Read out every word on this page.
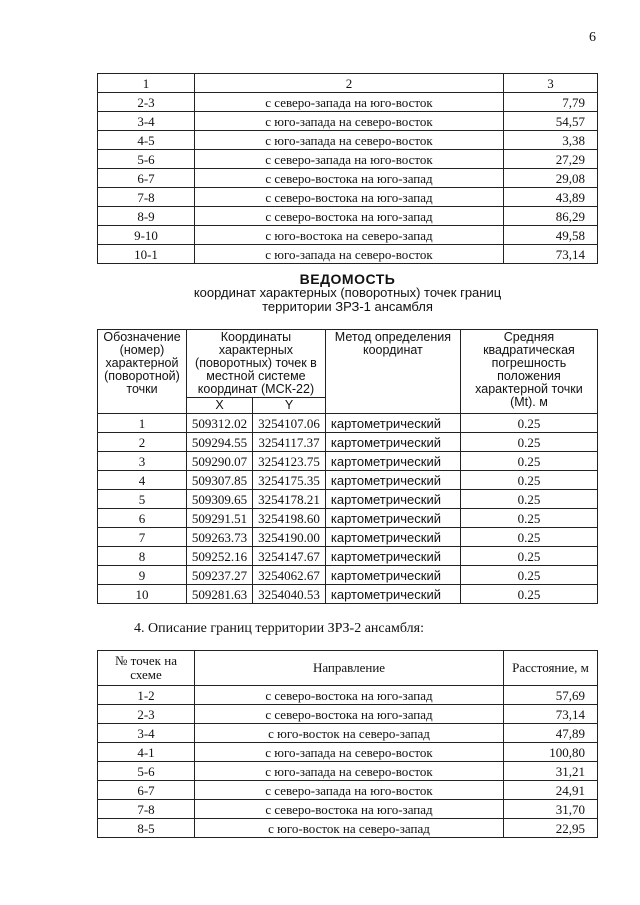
6
1	2	3
2-3	с северо-запада на юго-восток	7,79
3-4	с юго-запада на северо-восток	54,57
4-5	с юго-запада на северо-восток	3,38
5-6	с северо-запада на юго-восток	27,29
6-7	с северо-востока на юго-запад	29,08
7-8	с северо-востока на юго-запад	43,89
8-9	с северо-востока на юго-запад	86,29
9-10	с юго-востока на северо-запад	49,58
10-1	с юго-запада на северо-восток	73,14
ВЕДОМОСТЬ
координат характерных (поворотных) точек границ
территории ЗРЗ-1 ансамбля
Обозначение (номер) характерной (поворотной) точки	Координаты характерных (поворотных) точек в местной системе координат (МСК-22)		Метод определения координат	Средняя квадратическая погрешность положения характерной точки (Mt). м
	X	Y		
1	509312.02	3254107.06	картометрический	0.25
2	509294.55	3254117.37	картометрический	0.25
3	509290.07	3254123.75	картометрический	0.25
4	509307.85	3254175.35	картометрический	0.25
5	509309.65	3254178.21	картометрический	0.25
6	509291.51	3254198.60	картометрический	0.25
7	509263.73	3254190.00	картометрический	0.25
8	509252.16	3254147.67	картометрический	0.25
9	509237.27	3254062.67	картометрический	0.25
10	509281.63	3254040.53	картометрический	0.25
4. Описание границ территории ЗРЗ-2 ансамбля:
№ точек на схеме	Направление	Расстояние, м
1-2	с северо-востока на юго-запад	57,69
2-3	с северо-востока на юго-запад	73,14
3-4	с юго-восток на северо-запад	47,89
4-1	с юго-запада на северо-восток	100,80
5-6	с юго-запада на северо-восток	31,21
6-7	с северо-запада на юго-восток	24,91
7-8	с северо-востока на юго-запад	31,70
8-5	с юго-восток на северо-запад	22,95
